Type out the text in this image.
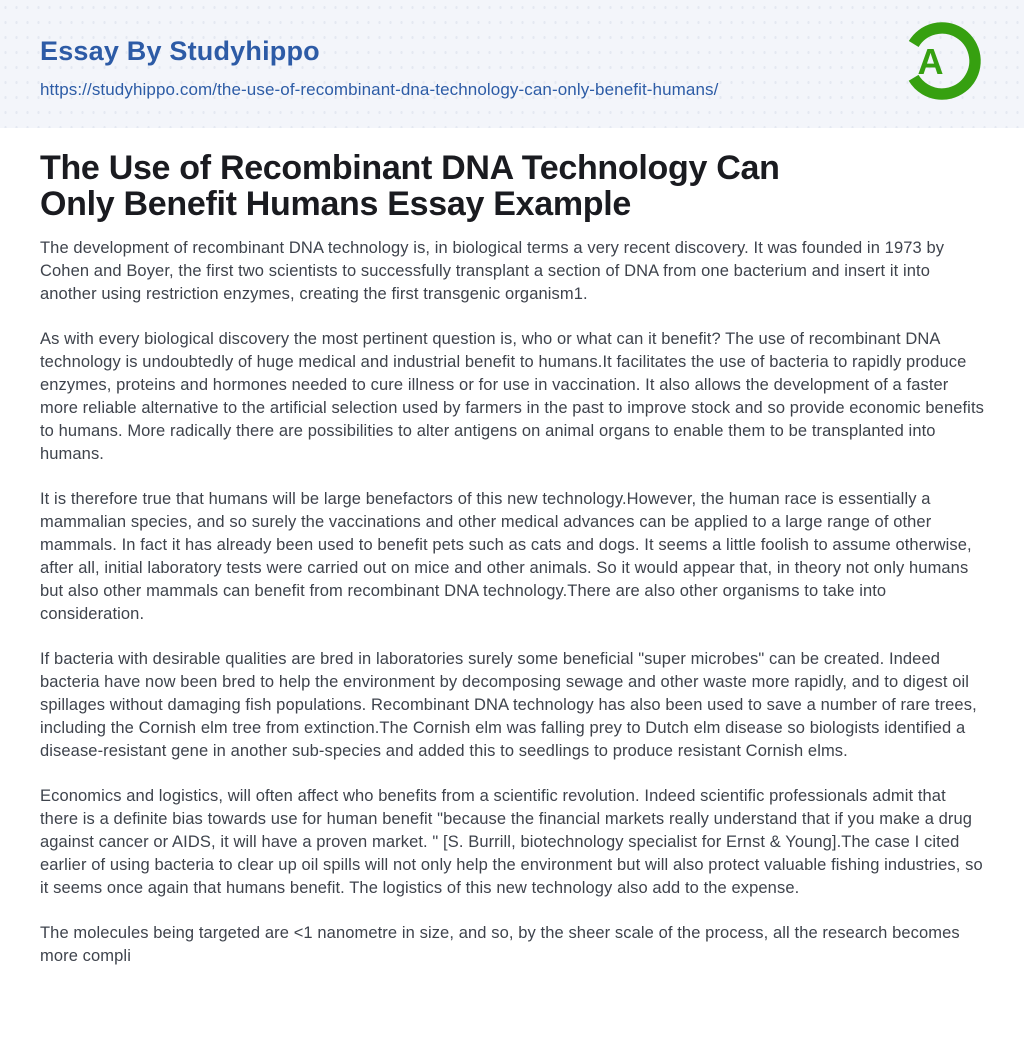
Essay By Studyhippo
https://studyhippo.com/the-use-of-recombinant-dna-technology-can-only-benefit-humans/
A
The Use of Recombinant DNA Technology Can
Only Benefit Humans Essay Example

The development of recombinant DNA technology is, in biological terms a very recent discovery. It was founded in 1973 by Cohen and Boyer, the first two scientists to successfully transplant a section of DNA from one bacterium and insert it into another using restriction enzymes, creating the first transgenic organism1.

As with every biological discovery the most pertinent question is, who or what can it benefit? The use of recombinant DNA technology is undoubtedly of huge medical and industrial benefit to humans.It facilitates the use of bacteria to rapidly produce enzymes, proteins and hormones needed to cure illness or for use in vaccination. It also allows the development of a faster more reliable alternative to the artificial selection used by farmers in the past to improve stock and so provide economic benefits to humans. More radically there are possibilities to alter antigens on animal organs to enable them to be transplanted into humans.

It is therefore true that humans will be large benefactors of this new technology.However, the human race is essentially a mammalian species, and so surely the vaccinations and other medical advances can be applied to a large range of other mammals. In fact it has already been used to benefit pets such as cats and dogs. It seems a little foolish to assume otherwise, after all, initial laboratory tests were carried out on mice and other animals. So it would appear that, in theory not only humans but also other mammals can benefit from recombinant DNA technology.There are also other organisms to take into consideration.

If bacteria with desirable qualities are bred in laboratories surely some beneficial "super microbes" can be created. Indeed bacteria have now been bred to help the environment by decomposing sewage and other waste more rapidly, and to digest oil spillages without damaging fish populations. Recombinant DNA technology has also been used to save a number of rare trees, including the Cornish elm tree from extinction.The Cornish elm was falling prey to Dutch elm disease so biologists identified a disease-resistant gene in another sub-species and added this to seedlings to produce resistant Cornish elms.

Economics and logistics, will often affect who benefits from a scientific revolution. Indeed scientific professionals admit that there is a definite bias towards use for human benefit "because the financial markets really understand that if you make a drug against cancer or AIDS, it will have a proven market. " [S. Burrill, biotechnology specialist for Ernst & Young].The case I cited earlier of using bacteria to clear up oil spills will not only help the environment but will also protect valuable fishing industries, so it seems once again that humans benefit. The logistics of this new technology also add to the expense.

The molecules being targeted are <1 nanometre in size, and so, by the sheer scale of the process, all the research becomes more compli
